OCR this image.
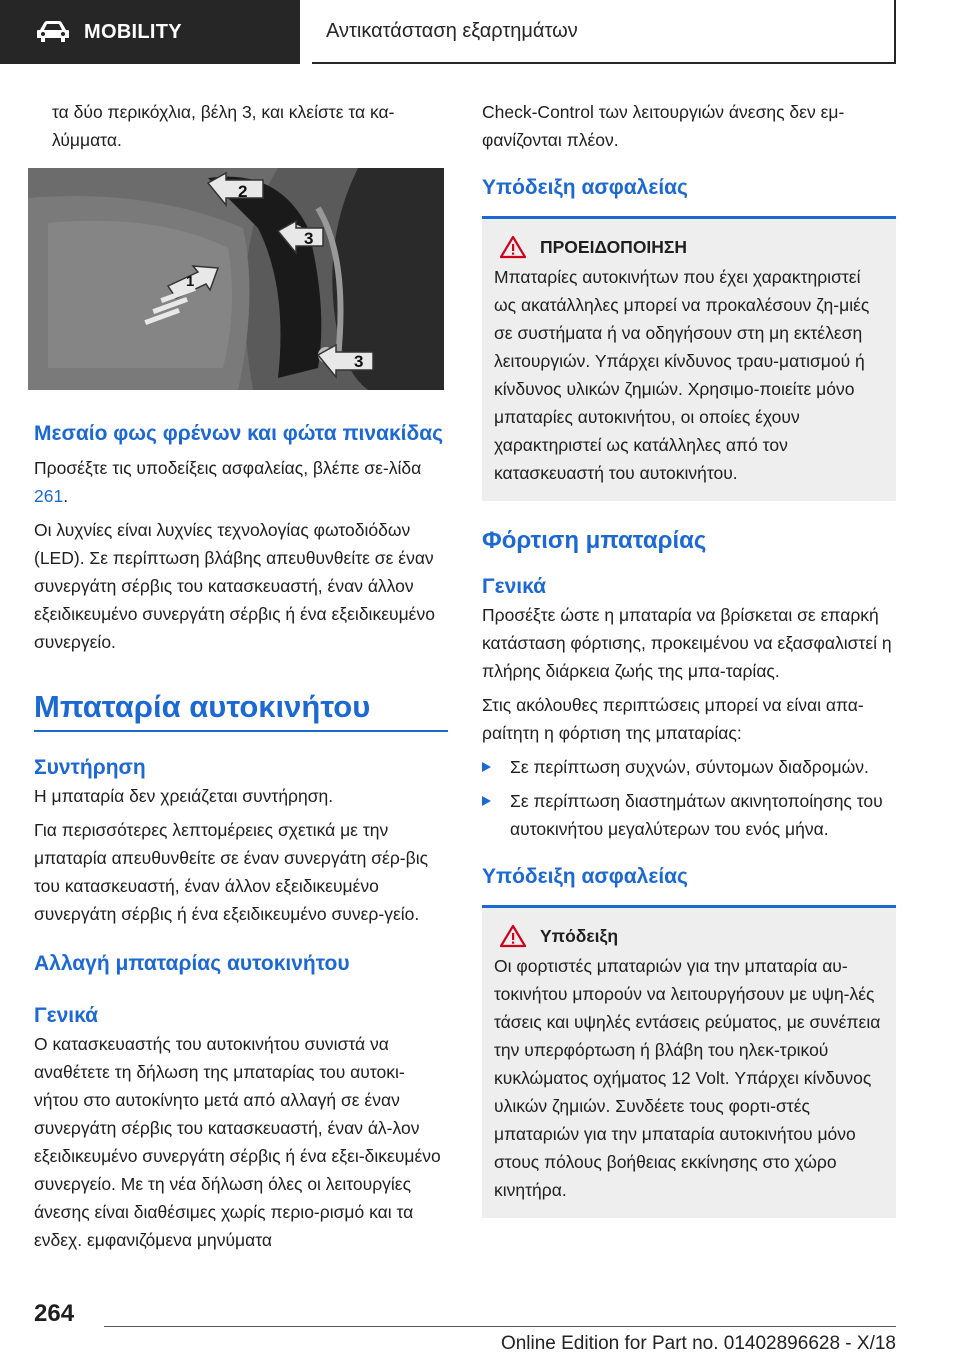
MOBILITY	Αντικατάσταση εξαρτημάτων

τα δύο περικόχλια, βέλη 3, και κλείστε τα κα-λύμματα.

2
3
1
3
Μεσαίο φως φρένων και φώτα πινακίδας

Προσέξτε τις υποδείξεις ασφαλείας, βλέπε σε-λίδα 261.

Οι λυχνίες είναι λυχνίες τεχνολογίας φωτοδιόδων (LED). Σε περίπτωση βλάβης απευθυνθείτε σε έναν συνεργάτη σέρβις του κατασκευαστή, έναν άλλον εξειδικευμένο συνεργάτη σέρβις ή ένα εξειδικευμένο συνεργείο.

Μπαταρία αυτοκινήτου
Συντήρηση

Η μπαταρία δεν χρειάζεται συντήρηση.

Για περισσότερες λεπτομέρειες σχετικά με την μπαταρία απευθυνθείτε σε έναν συνεργάτη σέρ-βις του κατασκευαστή, έναν άλλον εξειδικευμένο συνεργάτη σέρβις ή ένα εξειδικευμένο συνερ-γείο.

Αλλαγή μπαταρίας αυτοκινήτου
Γενικά

Ο κατασκευαστής του αυτοκινήτου συνιστά να αναθέτετε τη δήλωση της μπαταρίας του αυτοκι-νήτου στο αυτοκίνητο μετά από αλλαγή σε έναν συνεργάτη σέρβις του κατασκευαστή, έναν άλ-λον εξειδικευμένο συνεργάτη σέρβις ή ένα εξει-δικευμένο συνεργείο. Με τη νέα δήλωση όλες οι λειτουργίες άνεσης είναι διαθέσιμες χωρίς περιο-ρισμό και τα ενδεχ. εμφανιζόμενα μηνύματα

Check-Control των λειτουργιών άνεσης δεν εμ-φανίζονται πλέον.

Υπόδειξη ασφαλείας
ΠΡΟΕΙΔΟΠΟΙΗΣΗ

Μπαταρίες αυτοκινήτων που έχει χαρακτηριστεί ως ακατάλληλες μπορεί να προκαλέσουν ζη-μιές σε συστήματα ή να οδηγήσουν στη μη εκτέλεση λειτουργιών. Υπάρχει κίνδυνος τραυ-ματισμού ή κίνδυνος υλικών ζημιών. Χρησιμο-ποιείτε μόνο μπαταρίες αυτοκινήτου, οι οποίες έχουν χαρακτηριστεί ως κατάλληλες από τον κατασκευαστή του αυτοκινήτου.

Φόρτιση μπαταρίας
Γενικά

Προσέξτε ώστε η μπαταρία να βρίσκεται σε επαρκή κατάσταση φόρτισης, προκειμένου να εξασφαλιστεί η πλήρης διάρκεια ζωής της μπα-ταρίας.

Στις ακόλουθες περιπτώσεις μπορεί να είναι απα-ραίτητη η φόρτιση της μπαταρίας:

Σε περίπτωση συχνών, σύντομων διαδρομών.
Σε περίπτωση διαστημάτων ακινητοποίησης του αυτοκινήτου μεγαλύτερων του ενός μήνα.
Υπόδειξη ασφαλείας
Υπόδειξη

Οι φορτιστές μπαταριών για την μπαταρία αυ-τοκινήτου μπορούν να λειτουργήσουν με υψη-λές τάσεις και υψηλές εντάσεις ρεύματος, με συνέπεια την υπερφόρτωση ή βλάβη του ηλεκ-τρικού κυκλώματος οχήματος 12 Volt. Υπάρχει κίνδυνος υλικών ζημιών. Συνδέετε τους φορτι-στές μπαταριών για την μπαταρία αυτοκινήτου μόνο στους πόλους βοήθειας εκκίνησης στο χώρο κινητήρα.

264
Online Edition for Part no. 01402896628 - X/18
